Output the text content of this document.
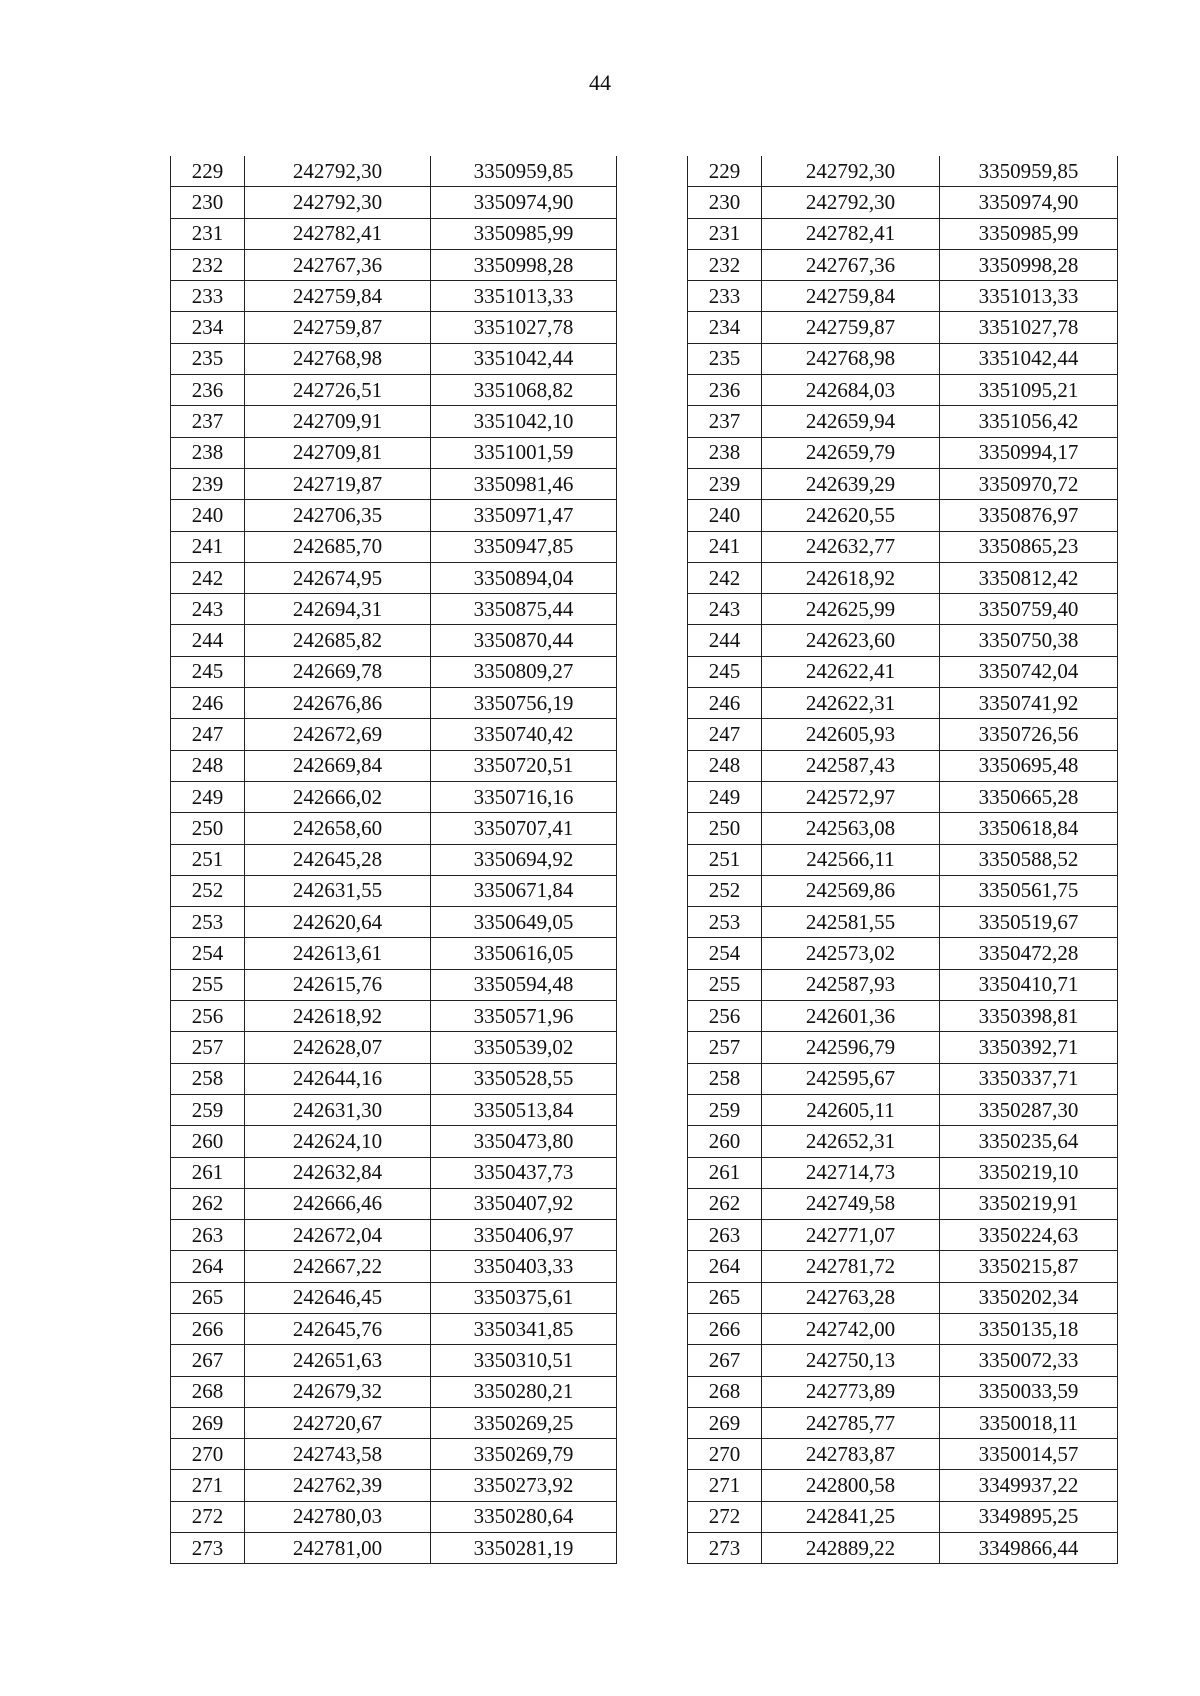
44
229	242792,30	3350959,85
230	242792,30	3350974,90
231	242782,41	3350985,99
232	242767,36	3350998,28
233	242759,84	3351013,33
234	242759,87	3351027,78
235	242768,98	3351042,44
236	242726,51	3351068,82
237	242709,91	3351042,10
238	242709,81	3351001,59
239	242719,87	3350981,46
240	242706,35	3350971,47
241	242685,70	3350947,85
242	242674,95	3350894,04
243	242694,31	3350875,44
244	242685,82	3350870,44
245	242669,78	3350809,27
246	242676,86	3350756,19
247	242672,69	3350740,42
248	242669,84	3350720,51
249	242666,02	3350716,16
250	242658,60	3350707,41
251	242645,28	3350694,92
252	242631,55	3350671,84
253	242620,64	3350649,05
254	242613,61	3350616,05
255	242615,76	3350594,48
256	242618,92	3350571,96
257	242628,07	3350539,02
258	242644,16	3350528,55
259	242631,30	3350513,84
260	242624,10	3350473,80
261	242632,84	3350437,73
262	242666,46	3350407,92
263	242672,04	3350406,97
264	242667,22	3350403,33
265	242646,45	3350375,61
266	242645,76	3350341,85
267	242651,63	3350310,51
268	242679,32	3350280,21
269	242720,67	3350269,25
270	242743,58	3350269,79
271	242762,39	3350273,92
272	242780,03	3350280,64
273	242781,00	3350281,19
229	242792,30	3350959,85
230	242792,30	3350974,90
231	242782,41	3350985,99
232	242767,36	3350998,28
233	242759,84	3351013,33
234	242759,87	3351027,78
235	242768,98	3351042,44
236	242684,03	3351095,21
237	242659,94	3351056,42
238	242659,79	3350994,17
239	242639,29	3350970,72
240	242620,55	3350876,97
241	242632,77	3350865,23
242	242618,92	3350812,42
243	242625,99	3350759,40
244	242623,60	3350750,38
245	242622,41	3350742,04
246	242622,31	3350741,92
247	242605,93	3350726,56
248	242587,43	3350695,48
249	242572,97	3350665,28
250	242563,08	3350618,84
251	242566,11	3350588,52
252	242569,86	3350561,75
253	242581,55	3350519,67
254	242573,02	3350472,28
255	242587,93	3350410,71
256	242601,36	3350398,81
257	242596,79	3350392,71
258	242595,67	3350337,71
259	242605,11	3350287,30
260	242652,31	3350235,64
261	242714,73	3350219,10
262	242749,58	3350219,91
263	242771,07	3350224,63
264	242781,72	3350215,87
265	242763,28	3350202,34
266	242742,00	3350135,18
267	242750,13	3350072,33
268	242773,89	3350033,59
269	242785,77	3350018,11
270	242783,87	3350014,57
271	242800,58	3349937,22
272	242841,25	3349895,25
273	242889,22	3349866,44
